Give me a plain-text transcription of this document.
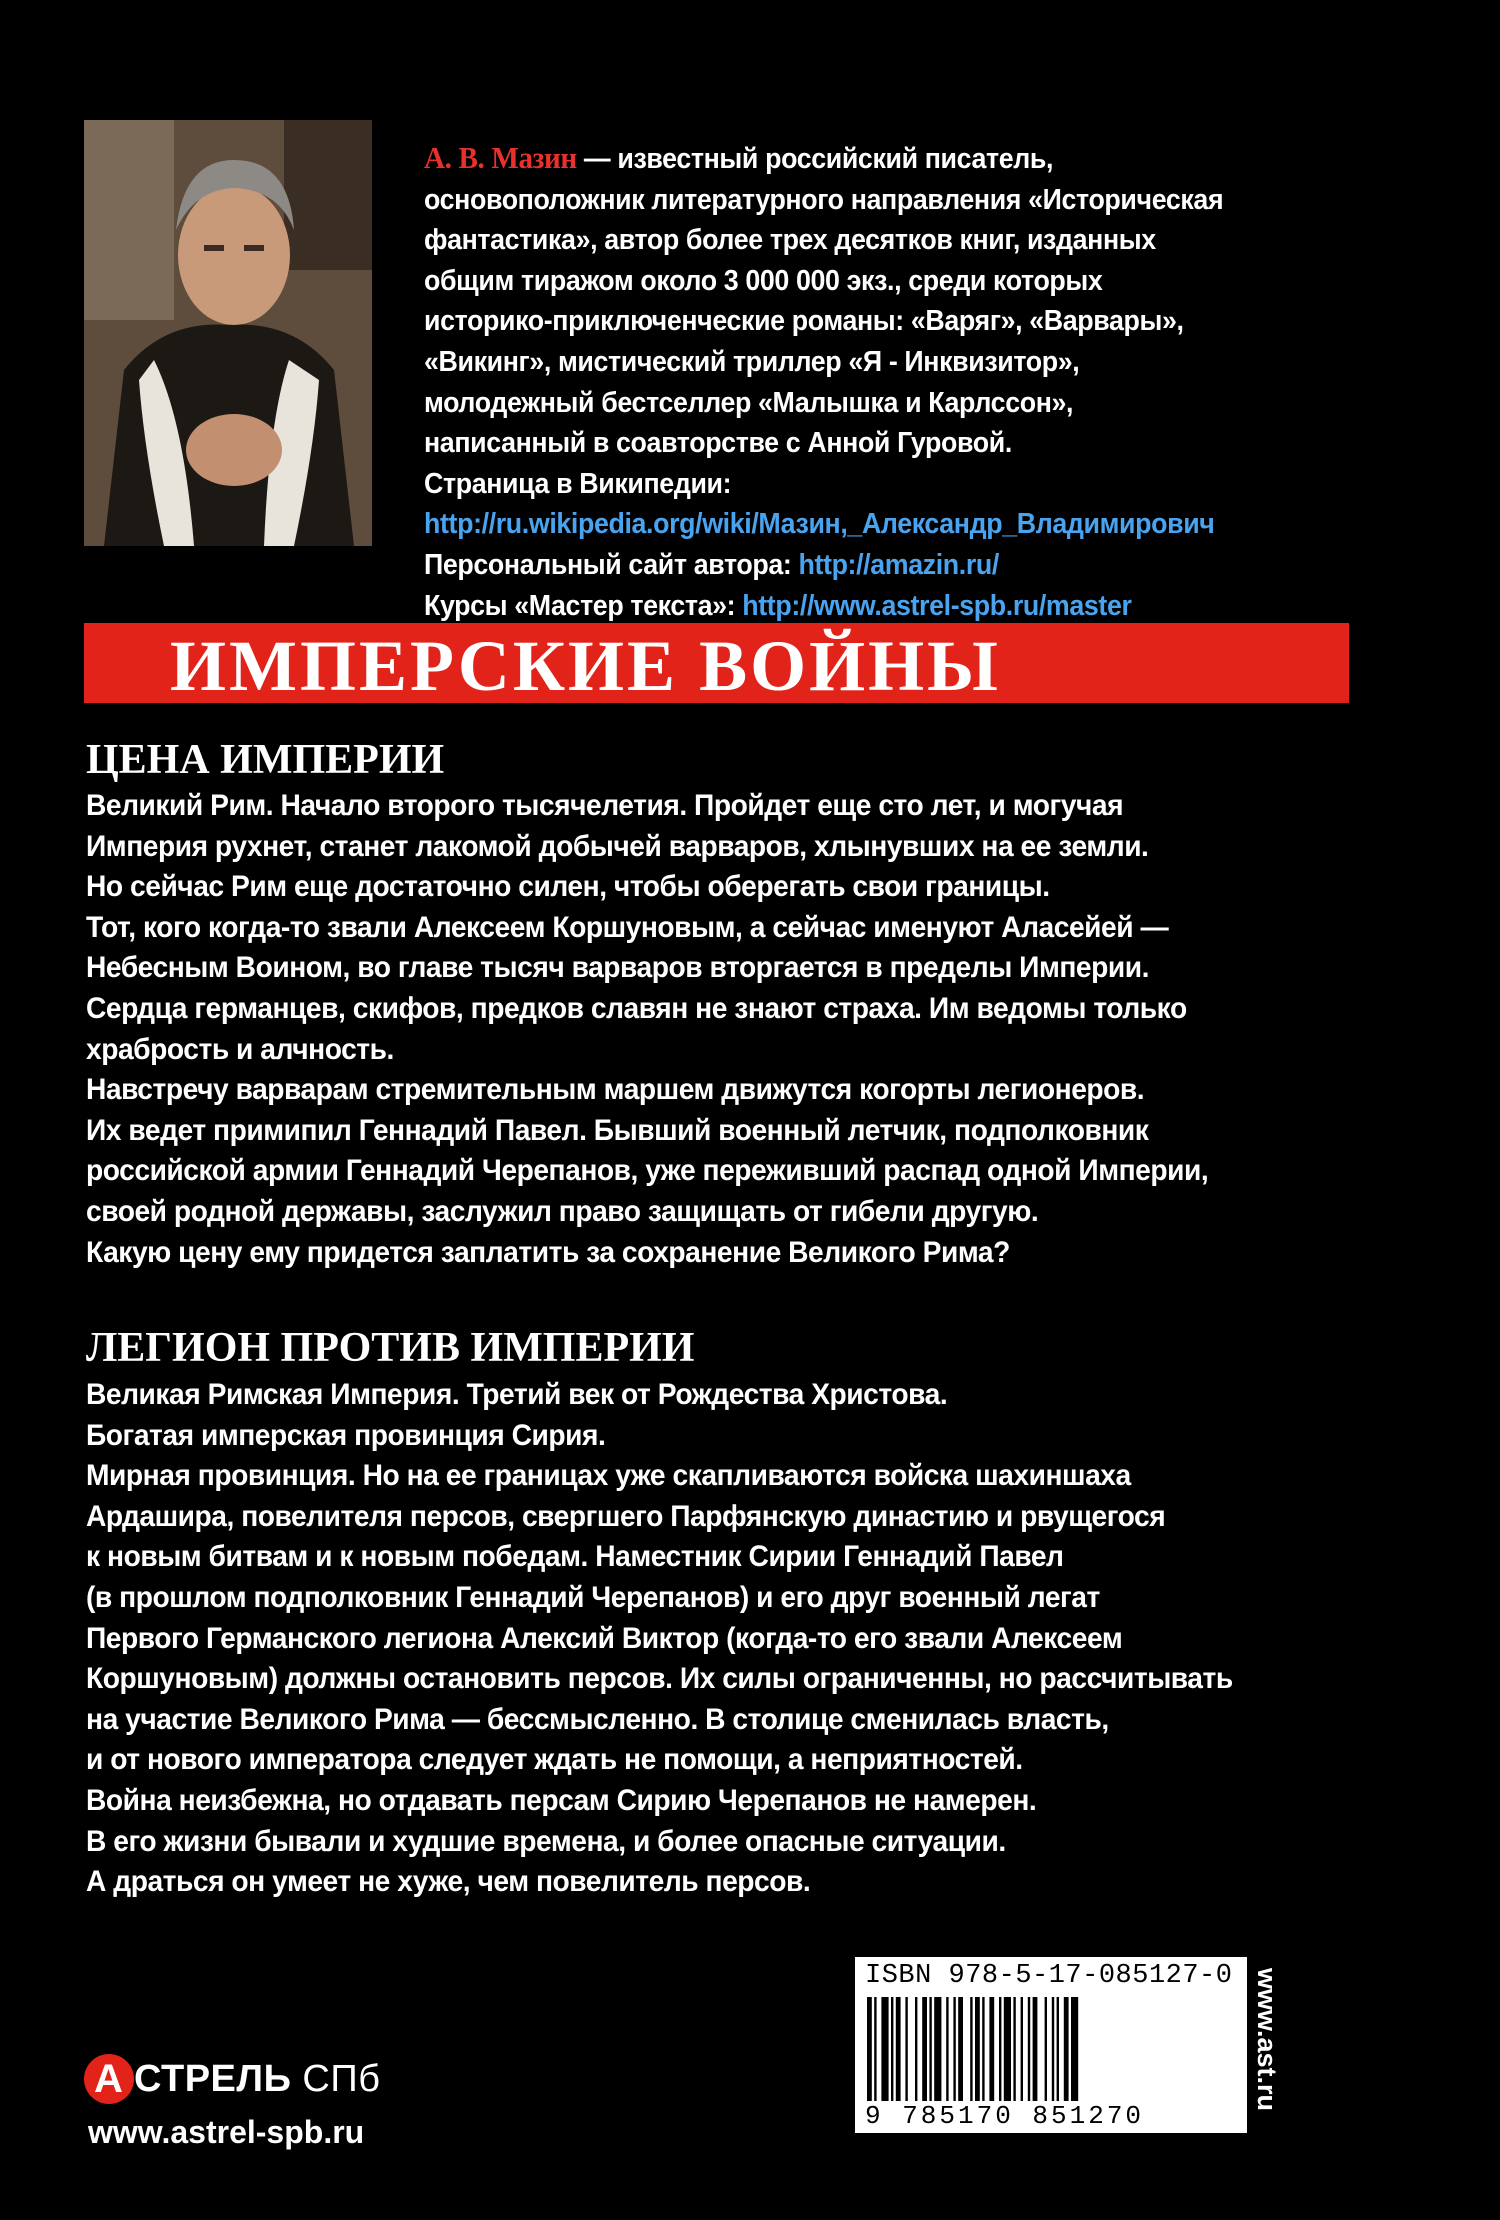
А. В. Мазин — известный российский писатель,
основоположник литературного направления «Историческая
фантастика», автор более трех десятков книг, изданных
общим тиражом около 3 000 000 экз., среди которых
историко-приключенческие романы: «Варяг», «Варвары»,
«Викинг», мистический триллер «Я - Инквизитор»,
молодежный бестселлер «Малышка и Карлссон»,
написанный в соавторстве с Анной Гуровой.
Страница в Википедии:
http://ru.wikipedia.org/wiki/Мазин,_Александр_Владимирович
Персональный сайт автора: http://amazin.ru/
Курсы «Мастер текста»: http://www.astrel-spb.ru/master
ИМПЕРСКИЕ ВОЙНЫ
ЦЕНА ИМПЕРИИ
Великий Рим. Начало второго тысячелетия. Пройдет еще сто лет, и могучая
Империя рухнет, станет лакомой добычей варваров, хлынувших на ее земли.
Но сейчас Рим еще достаточно силен, чтобы оберегать свои границы.
Тот, кого когда-то звали Алексеем Коршуновым, а сейчас именуют Аласейей —
Небесным Воином, во главе тысяч варваров вторгается в пределы Империи.
Сердца германцев, скифов, предков славян не знают страха. Им ведомы только
храбрость и алчность.
Навстречу варварам стремительным маршем движутся когорты легионеров.
Их ведет примипил Геннадий Павел. Бывший военный летчик, подполковник
российской армии Геннадий Черепанов, уже переживший распад одной Империи,
своей родной державы, заслужил право защищать от гибели другую.
Какую цену ему придется заплатить за сохранение Великого Рима?
ЛЕГИОН ПРОТИВ ИМПЕРИИ
Великая Римская Империя. Третий век от Рождества Христова.
Богатая имперская провинция Сирия.
Мирная провинция. Но на ее границах уже скапливаются войска шахиншаха
Ардашира, повелителя персов, свергшего Парфянскую династию и рвущегося
к новым битвам и к новым победам. Наместник Сирии Геннадий Павел
(в прошлом подполковник Геннадий Черепанов) и его друг военный легат
Первого Германского легиона Алексий Виктор (когда-то его звали Алексеем
Коршуновым) должны остановить персов. Их силы ограниченны, но рассчитывать
на участие Великого Рима — бессмысленно. В столице сменилась власть,
и от нового императора следует ждать не помощи, а неприятностей.
Война неизбежна, но отдавать персам Сирию Черепанов не намерен.
В его жизни бывали и худшие времена, и более опасные ситуации.
А драться он умеет не хуже, чем повелитель персов.
ISBN 978-5-17-085127-0
9 785170 851270
www.ast.ru
А СТРЕЛЬ СПб
www.astrel-spb.ru
